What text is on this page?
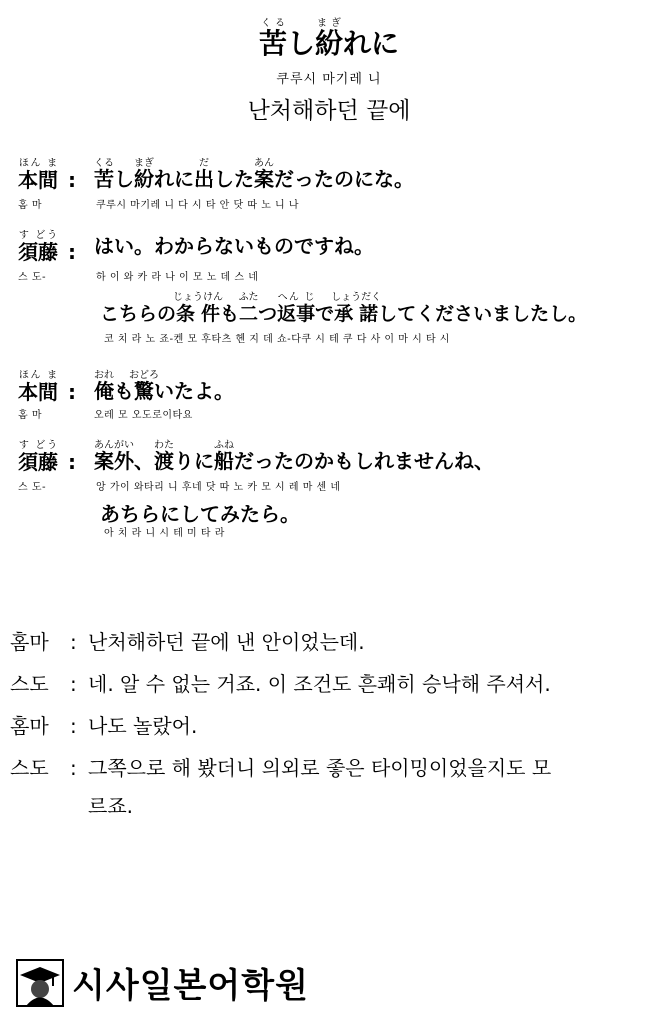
苦くるし紛まぎれに
쿠루시 마기레 니
난처해하던 끝에
本間ほん ま:
홈 마
苦くるし紛まぎれに出だした案あんだったのにな。
쿠루시 마기레 니 다 시 타 안 닷 따 노 니 나
須藤す どう:
스 도-
はい。わからないものですね。
하 이 와 카 라 나 이 모 노 데 스 네
こちらの条件じょうけんも二ふたつ返事へん じで承諾しょうだくしてくださいましたし。
코 치 라 노 죠-켄 모 후타츠 헨 지 데 쇼-다쿠 시 테 쿠 다 사 이 마 시 타 시
本間ほん ま:
홈 마
俺おれも驚おどろいたよ。
오레 모 오도로이타요
須藤す どう:
스 도-
案外あんがい、渡わたりに船ふねだったのかもしれませんね、
앙 가이 와타리 니 후네 닷 따 노 카 모 시 레 마 센 네
あちらにしてみたら。
아 치 라 니 시 테 미 타 라
홈마 : 난처해하던 끝에 낸 안이었는데.
스도 : 네. 알 수 없는 거죠. 이 조건도 흔쾌히 승낙해 주셔서.
홈마 : 나도 놀랐어.
스도 : 그쪽으로 해 봤더니 의외로 좋은 타이밍이었을지도 모
르죠.
시사일본어학원
